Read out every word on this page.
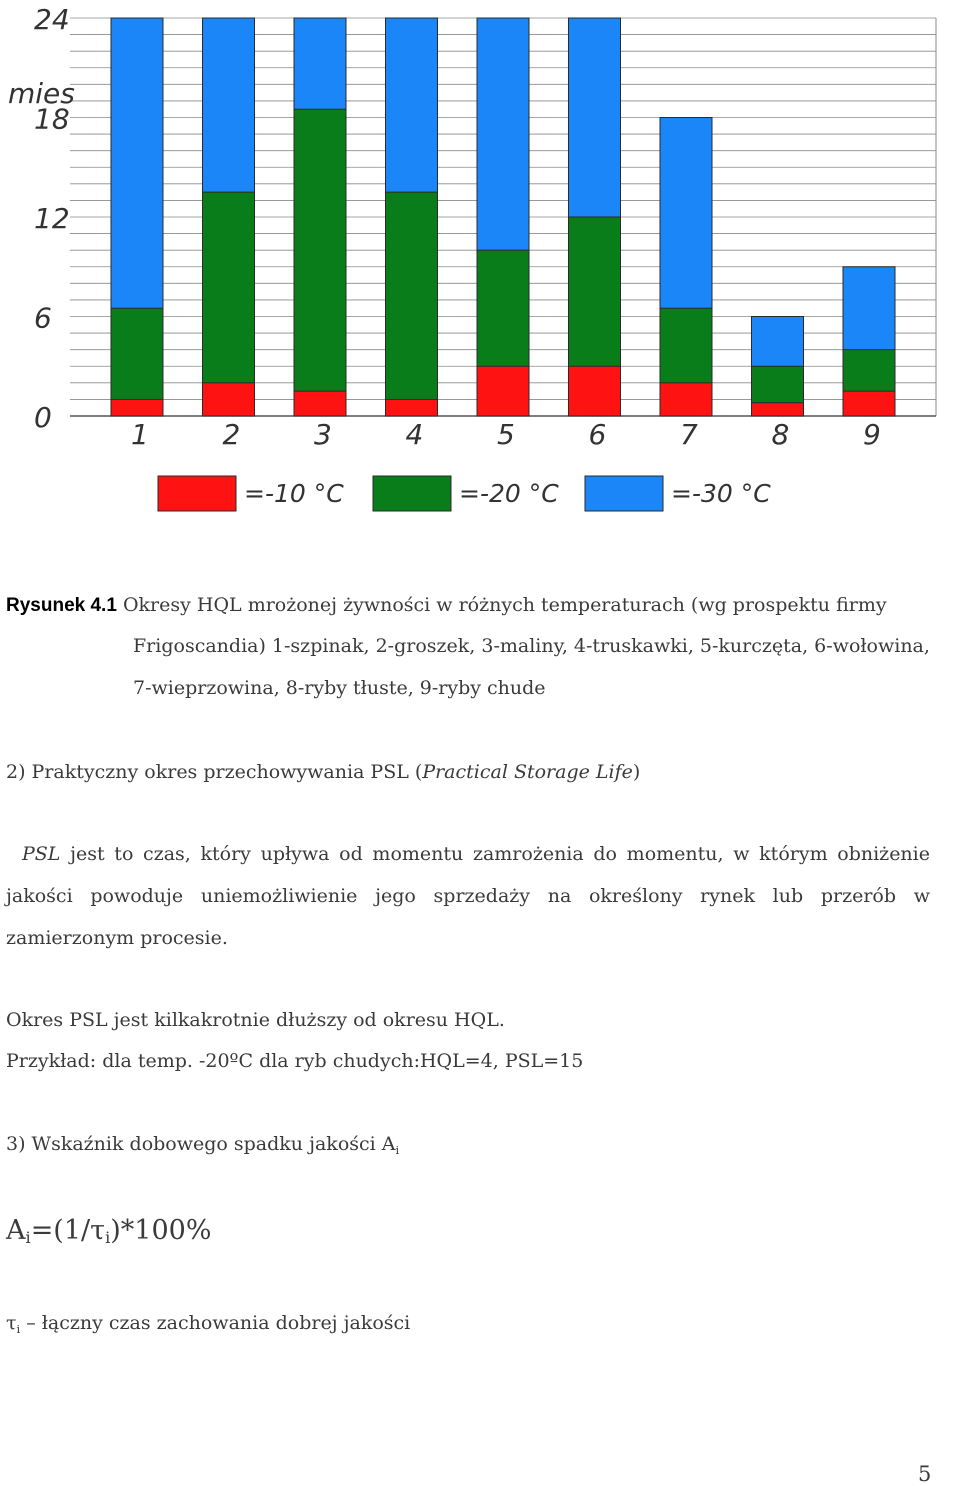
0
6
12
18
24
mies
1	2	3	4	5	6	7	8	9
=-10 °C	=-20 °C	=-30 °C
Rysunek 4.1 Okresy HQL mrożonej żywności w różnych temperaturach (wg prospektu firmy
Frigoscandia) 1-szpinak, 2-groszek, 3-maliny, 4-truskawki, 5-kurczęta, 6-wołowina,
7-wieprzowina, 8-ryby tłuste, 9-ryby chude
2) Praktyczny okres przechowywania PSL (Practical Storage Life)
PSL jest to czas, który upływa od momentu zamrożenia do momentu, w którym obniżenie
jakości powoduje uniemożliwienie jego sprzedaży na określony rynek lub przerób w
zamierzonym procesie.
Okres PSL jest kilkakrotnie dłuższy od okresu HQL.
Przykład: dla temp. -20ºC dla ryb chudych:HQL=4, PSL=15
3) Wskaźnik dobowego spadku jakości $A_i$
$A_i=(1/\tau_i)*100\%$
$\tau_i$ – łączny czas zachowania dobrej jakości
5
